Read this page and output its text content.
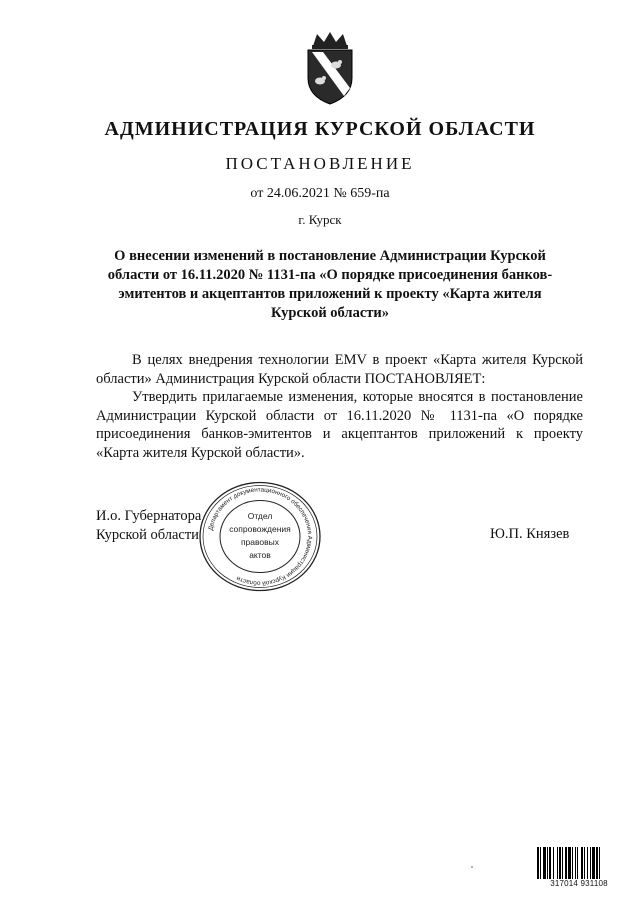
АДМИНИСТРАЦИЯ КУРСКОЙ ОБЛАСТИ
ПОСТАНОВЛЕНИЕ
от 24.06.2021 № 659-па
г. Курск
О внесении изменений в постановление Администрации Курской
области от 16.11.2020 № 1131-па «О порядке присоединения банков-
эмитентов и акцептантов приложений к проекту «Карта жителя
Курской области»

В целях внедрения технологии EMV в проект «Карта жителя Курской области» Администрация Курской области ПОСТАНОВЛЯЕТ:

Утвердить прилагаемые изменения, которые вносятся в постановление Администрации Курской области от 16.11.2020 № 1131-па «О порядке присоединения банков-эмитентов и акцептантов приложений к проекту «Карта жителя Курской области».

И.о. Губернатора
Курской области	Ю.П. Князев
Департамент документационного обеспечения Администрации Курской области
Отдел
сопровождения
правовых
актов
317014 931108
